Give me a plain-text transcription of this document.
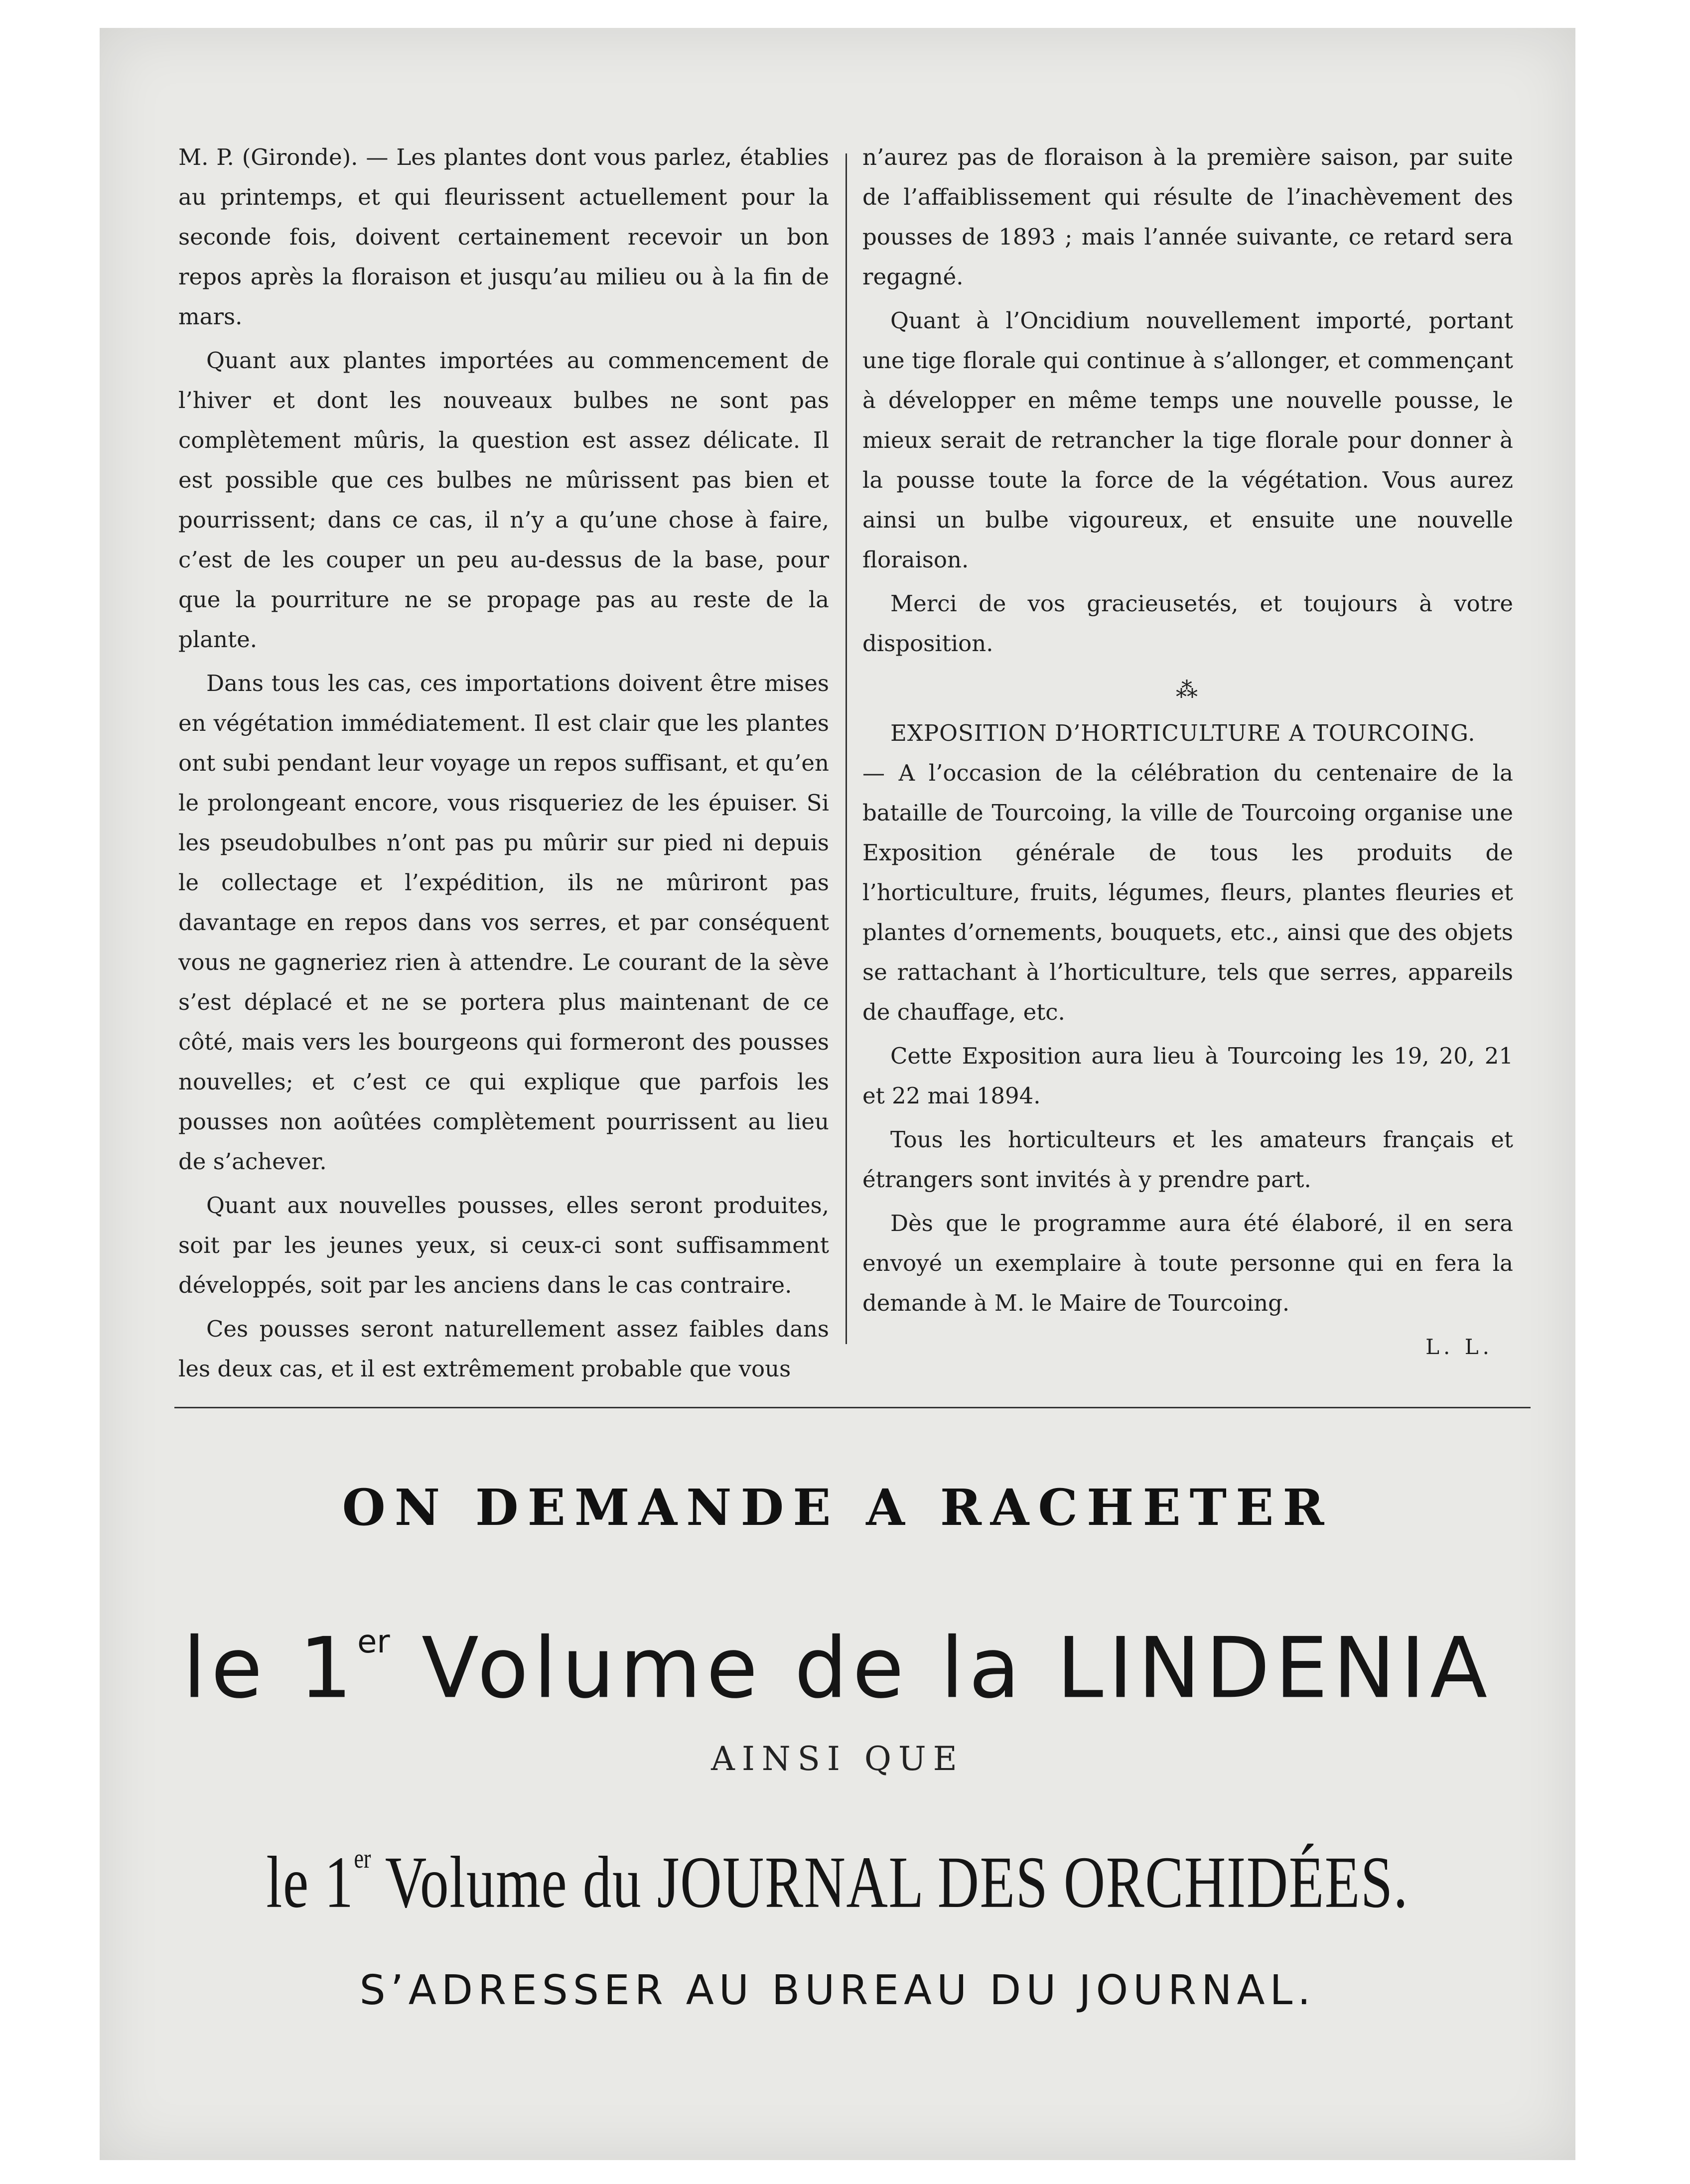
M. P. (Gironde). — Les plantes dont vous parlez, établies au printemps, et qui fleurissent actuellement pour la seconde fois, doivent certainement recevoir un bon repos après la floraison et jusqu’au milieu ou à la fin de mars.

Quant aux plantes importées au commencement de l’hiver et dont les nouveaux bulbes ne sont pas complètement mûris, la question est assez délicate. Il est possible que ces bulbes ne mûrissent pas bien et pourrissent; dans ce cas, il n’y a qu’une chose à faire, c’est de les couper un peu au-dessus de la base, pour que la pourriture ne se propage pas au reste de la plante.

Dans tous les cas, ces importations doivent être mises en végétation immédiatement. Il est clair que les plantes ont subi pendant leur voyage un repos suffisant, et qu’en le prolongeant encore, vous risqueriez de les épuiser. Si les pseudobulbes n’ont pas pu mûrir sur pied ni depuis le collectage et l’expédition, ils ne mûriront pas davantage en repos dans vos serres, et par conséquent vous ne gagneriez rien à attendre. Le courant de la sève s’est déplacé et ne se portera plus maintenant de ce côté, mais vers les bourgeons qui formeront des pousses nouvelles; et c’est ce qui explique que parfois les pousses non aoûtées complètement pourrissent au lieu de s’achever.

Quant aux nouvelles pousses, elles seront produites, soit par les jeunes yeux, si ceux-ci sont suffisamment développés, soit par les anciens dans le cas contraire.

Ces pousses seront naturellement assez faibles dans les deux cas, et il est extrêmement probable que vous

n’aurez pas de floraison à la première saison, par suite de l’affaiblissement qui résulte de l’inachèvement des pousses de 1893 ; mais l’année suivante, ce retard sera regagné.

Quant à l’Oncidium nouvellement importé, portant une tige florale qui continue à s’allonger, et commençant à développer en même temps une nouvelle pousse, le mieux serait de retrancher la tige florale pour donner à la pousse toute la force de la végétation. Vous aurez ainsi un bulbe vigoureux, et ensuite une nouvelle floraison.

Merci de vos gracieusetés, et toujours à votre disposition.

⁂

EXPOSITION D’HORTICULTURE A TOURCOING.
— A l’occasion de la célébration du centenaire de la bataille de Tourcoing, la ville de Tourcoing organise une Exposition générale de tous les produits de l’horticulture, fruits, légumes, fleurs, plantes fleuries et plantes d’ornements, bouquets, etc., ainsi que des objets se rattachant à l’horticulture, tels que serres, appareils de chauffage, etc.

Cette Exposition aura lieu à Tourcoing les 19, 20, 21 et 22 mai 1894.

Tous les horticulteurs et les amateurs français et étrangers sont invités à y prendre part.

Dès que le programme aura été élaboré, il en sera envoyé un exemplaire à toute personne qui en fera la demande à M. le Maire de Tourcoing.

L. L.

ON DEMANDE A RACHETER
le 1er Volume de la LINDENIA
AINSI QUE
le 1er Volume du JOURNAL DES ORCHIDÉES.
S’ADRESSER AU BUREAU DU JOURNAL.
